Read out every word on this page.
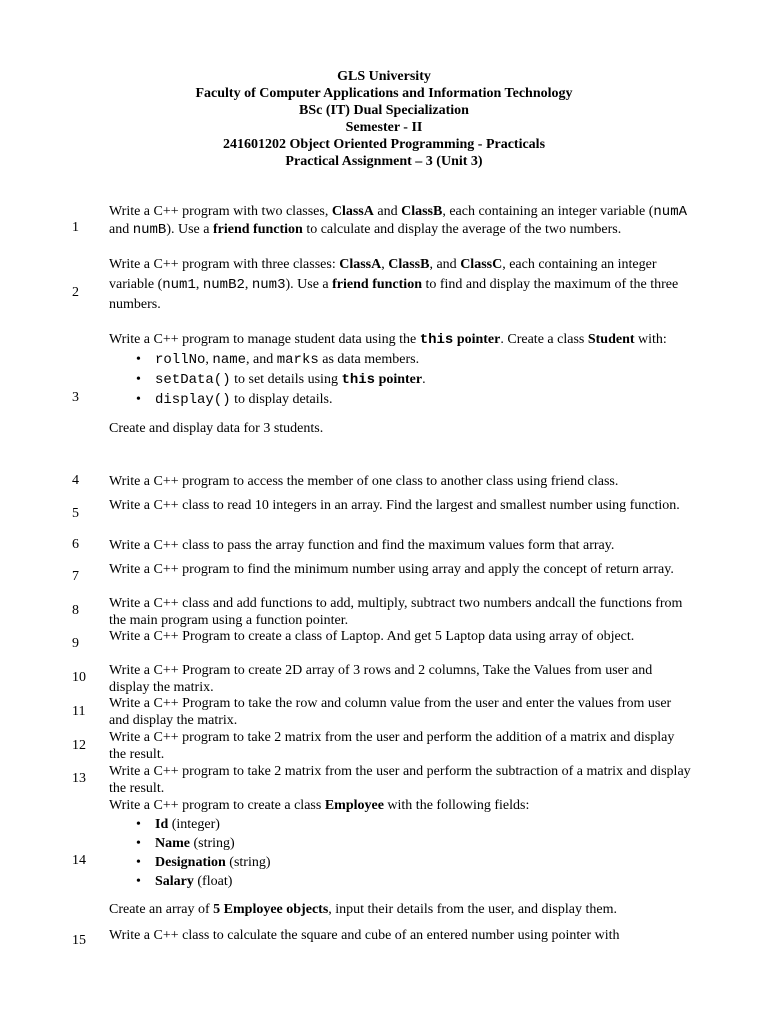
GLS University
Faculty of Computer Applications and Information Technology
BSc (IT) Dual Specialization
Semester - II
241601202 Object Oriented Programming - Practicals
Practical Assignment – 3 (Unit 3)
1
Write a C++ program with two classes, ClassA and ClassB, each containing an integer variable (numA and numB). Use a friend function to calculate and display the average of the two numbers.
2
Write a C++ program with three classes: ClassA, ClassB, and ClassC, each containing an integer variable (num1, numB2, num3). Use a friend function to find and display the maximum of the three numbers.
3
Write a C++ program to manage student data using the this pointer. Create a class Student with:
• rollNo, name, and marks as data members.
• setData() to set details using this pointer.
• display() to display details.
Create and display data for 3 students.
4	Write a C++ program to access the member of one class to another class using friend class.
5
Write a C++ class to read 10 integers in an array. Find the largest and smallest number using function.
6	Write a C++ class to pass the array function and find the maximum values form that array.
7	Write a C++ program to find the minimum number using array and apply the concept of return array.
8	Write a C++ class and add functions to add, multiply, subtract two numbers andcall the functions from the main program using a function pointer.
9	Write a C++ Program to create a class of Laptop. And get 5 Laptop data using array of object.
10 Write a C++ Program to create 2D array of 3 rows and 2 columns, Take the Values from user and display the matrix.
11
Write a C++ Program to take the row and column value from the user and enter the values from user and display the matrix.
12
Write a C++ program to take 2 matrix from the user and perform the addition of a matrix and display the result.
13 Write a C++ program to take 2 matrix from the user and perform the subtraction of a matrix and display the result.
14
Write a C++ program to create a class Employee with the following fields:
• Id (integer)
• Name (string)
• Designation (string)
• Salary (float)
Create an array of 5 Employee objects, input their details from the user, and display them.
15 Write a C++ class to calculate the square and cube of an entered number using pointer with
